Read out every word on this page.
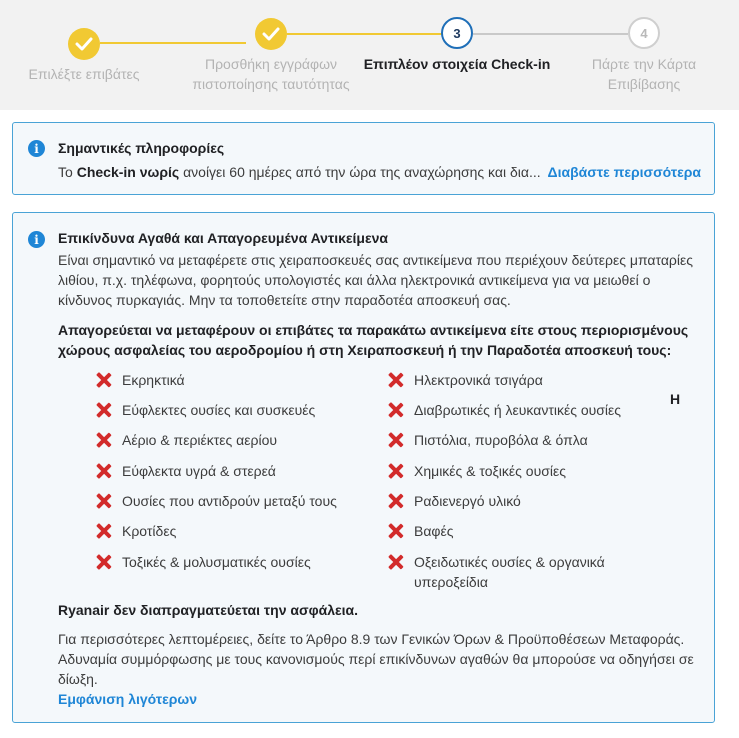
3	4
Επιλέξτε επιβάτες
Προσθήκη εγγράφων πιστοποίησης ταυτότητας
Επιπλέον στοιχεία Check-in	Πάρτε την Κάρτα Επιβίβασης
i	Σημαντικές πληροφορίες
Το Check-in νωρίς ανοίγει 60 ημέρες από την ώρα της αναχώρησης και δια... Διαβάστε περισσότερα
i	Επικίνδυνα Αγαθά και Απαγορευμένα Αντικείμενα
Είναι σημαντικό να μεταφέρετε στις χειραποσκευές σας αντικείμενα που περιέχουν δεύτερες μπαταρίες λιθίου, π.χ. τηλέφωνα, φορητούς υπολογιστές και άλλα ηλεκτρονικά αντικείμενα για να μειωθεί ο κίνδυνος πυρκαγιάς. Μην τα τοποθετείτε στην παραδοτέα αποσκευή σας.
Απαγορεύεται να μεταφέρουν οι επιβάτες τα παρακάτω αντικείμενα είτε στους περιορισμένους χώρους ασφαλείας του αεροδρομίου ή στη Χειραποσκευή ή την Παραδοτέα αποσκευή τους:
Εκρηκτικά
Εύφλεκτες ουσίες και συσκευές
Αέριο & περιέκτες αερίου
Εύφλεκτα υγρά & στερεά
Ουσίες που αντιδρούν μεταξύ τους
Κροτίδες
Τοξικές & μολυσματικές ουσίες
Ηλεκτρονικά τσιγάρα
Διαβρωτικές ή λευκαντικές ουσίες
Πιστόλια, πυροβόλα & όπλα
Χημικές & τοξικές ουσίες
Ραδιενεργό υλικό
Βαφές
Οξειδωτικές ουσίες & οργανικά υπεροξείδια
Η
Ryanair δεν διαπραγματεύεται την ασφάλεια.
Για περισσότερες λεπτομέρειες, δείτε το Άρθρο 8.9 των Γενικών Όρων & Προϋποθέσεων Μεταφοράς. Αδυναμία συμμόρφωσης με τους κανονισμούς περί επικίνδυνων αγαθών θα μπορούσε να οδηγήσει σε δίωξη.
Εμφάνιση λιγότερων
